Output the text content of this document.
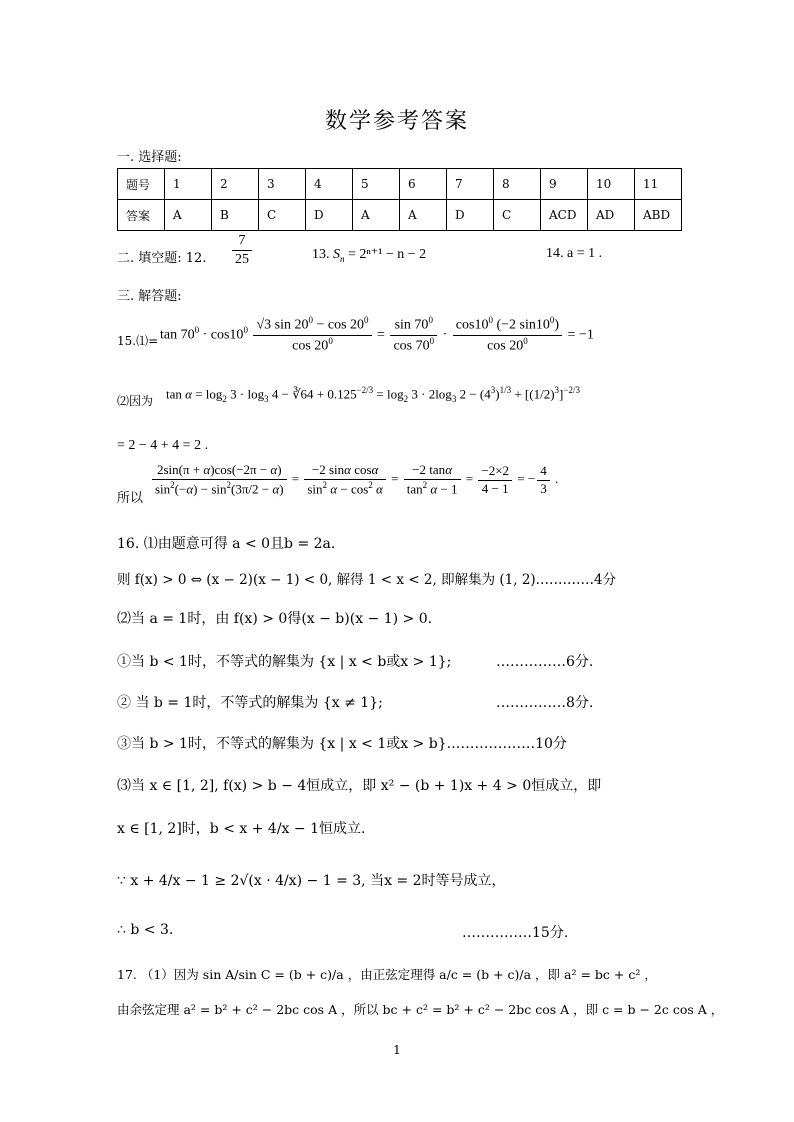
数学参考答案
一. 选择题:
题号	1	2	3	4	5	6	7	8	9	10	11
答案	A	B	C	D	A	A	D	C	ACD	AD	ABD
二. 填空题: 12. $\frac{7}{25}$	13. $S_n = 2^{n+1} - n - 2$	14. a = 1 .
三. 解答题:
15.⑴= $\tan 70^0 \cdot \cos 10^0 \frac{√3 \sin 20^0 - \cos 20^0}{\cos 20^0} = \frac{\sin 70^0}{\cos 70^0} \cdot \frac{\cos 10^0 (-2 \sin 10^0)}{\cos 20^0} = -1$
⑵因为 $\tan \alpha = \log_2 3 \cdot \log_3 4$ − ∛64 + $0.125^{-2/3} = \log_2 3 \cdot 2\log_3$ $2 - (4^3)^{1/3} + [(1/2)^3]^{-2/3}$
= 2 − 4 + 4 = 2 .
所以
$\frac{2\sin(\pi + \alpha)\cos(-2\pi - \alpha)}{\sin^2(-\alpha) - \sin^2(3\pi/2 - \alpha)} = \frac{\text{−2 sinα cosα}}{\sin^2 \alpha - \cos^2 \alpha} = \frac{-2 \tan\alpha}{\tan^2 \alpha - 1} = \frac{-2\times 2}{4 - 1}$ = − $\frac{4}{3}$ .
16. ⑴由题意可得 a < 0且b = 2a.
则 f(x) > 0 ⇔ (x − 2)(x − 1) < 0, 解得 1 < x < 2, 即解集为 (1, 2).…………4分
⑵当 a = 1时，由 f(x) > 0得(x − b)(x − 1) > 0.
①当 b < 1时，不等式的解集为 {x | x < b或x > 1};	……………6分.
② 当 b = 1时，不等式的解集为 {x ≠ 1};	……………8分.
③当 b > 1时，不等式的解集为 {x | x < 1或x > b}.………………10分
⑶当 x ∈ [1, 2], f(x) > b − 4恒成立，即 x² − (b + 1)x + 4 > 0恒成立，即
x ∈ [1, 2]时，b < x + 4/x − 1恒成立.
∵ x + 4/x − 1 ≥ 2√(x · 4/x) − 1 = 3, 当x = 2时等号成立，
∴ b < 3.	……………15分.
17. （1）因为 sin A/sin C = (b + c)/a ，由正弦定理得 a/c = (b + c)/a ，即 a² = bc + c² ，
由余弦定理 a² = b² + c² − 2bc cos A ，所以 bc + c² = b² + c² − 2bc cos A ，即 c = b − 2c cos A ，
1
